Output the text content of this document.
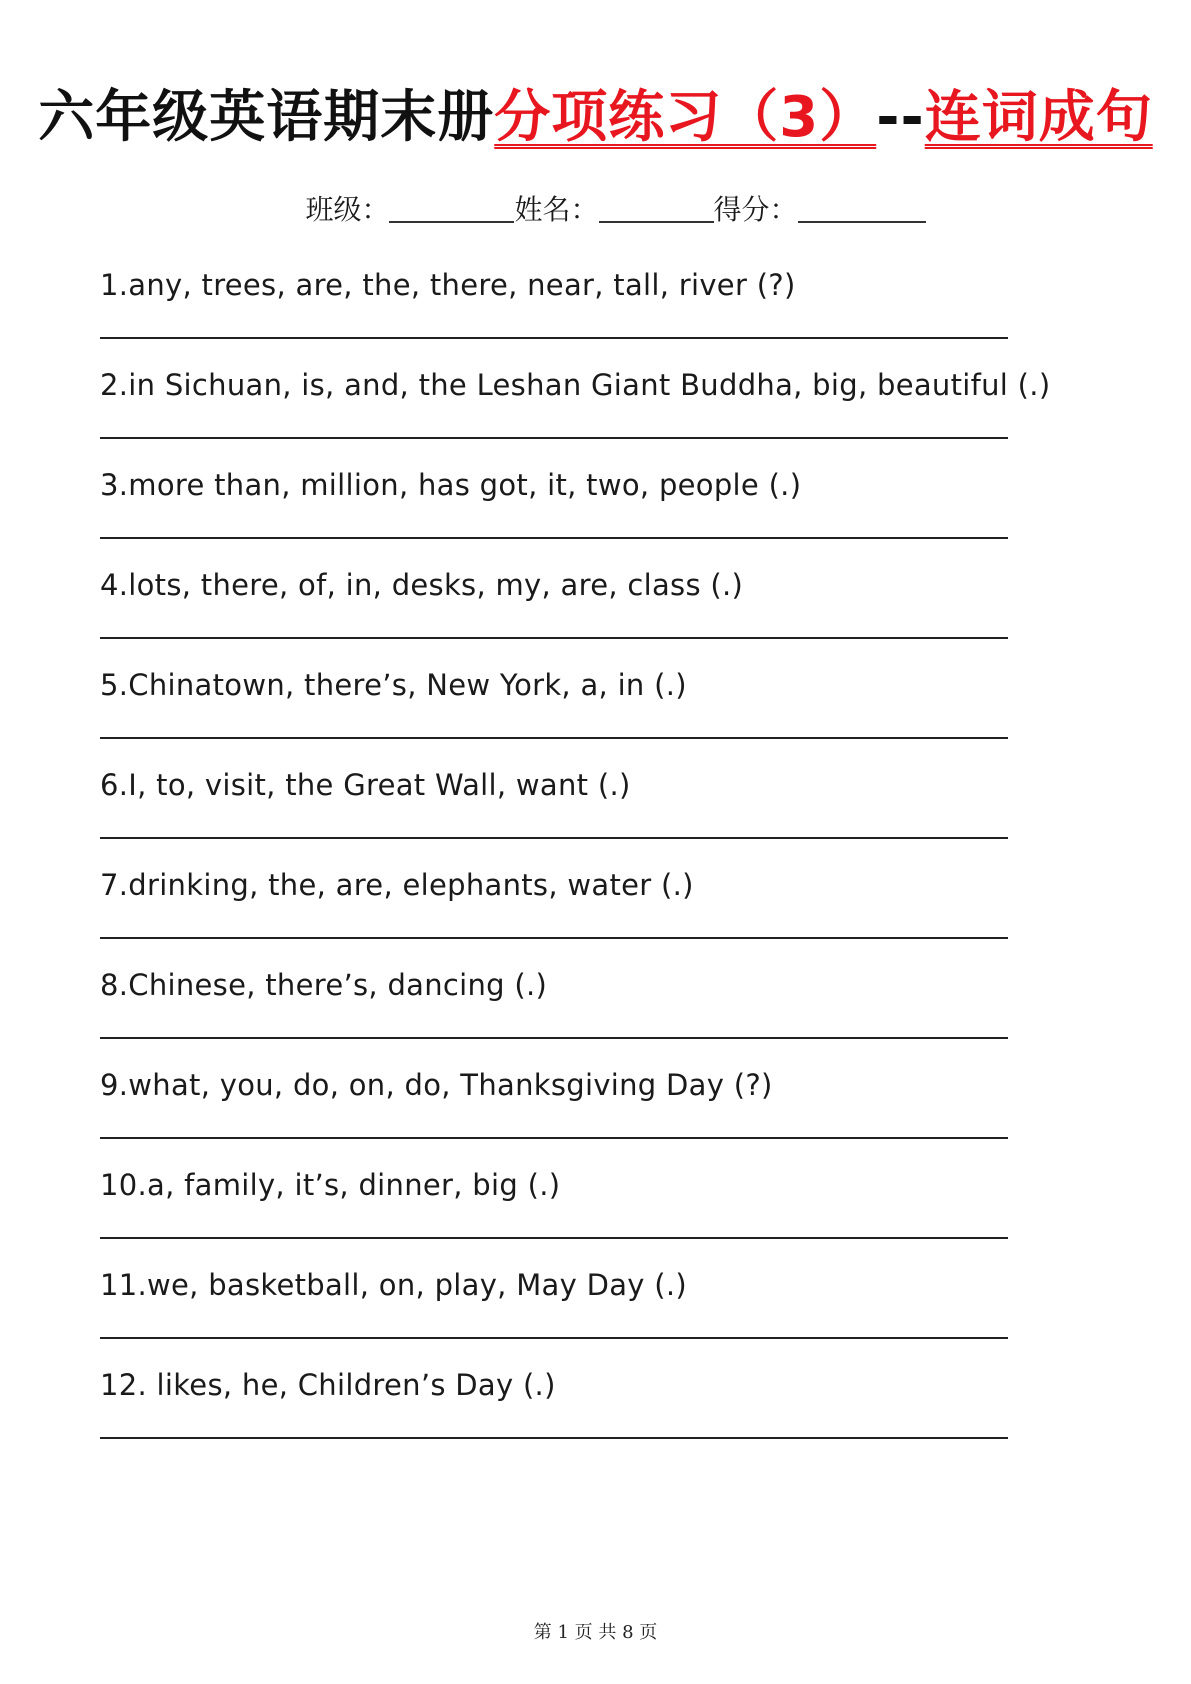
六年级英语期末册分项练习（3）--连词成句
班级：	姓名：	得分：
1.any, trees, are, the, there, near, tall, river (?)
2.in Sichuan, is, and, the Leshan Giant Buddha, big, beautiful (.)
3.more than, million, has got, it, two, people (.)
4.lots, there, of, in, desks, my, are, class (.)
5.Chinatown, there’s, New York, a, in (.)
6.I, to, visit, the Great Wall, want (.)
7.drinking, the, are, elephants, water (.)
8.Chinese, there’s, dancing (.)
9.what, you, do, on, do, Thanksgiving Day (?)
10.a, family, it’s, dinner, big (.)
11.we, basketball, on, play, May Day (.)
12. likes, he, Children’s Day (.)
第 1 页 共 8 页
